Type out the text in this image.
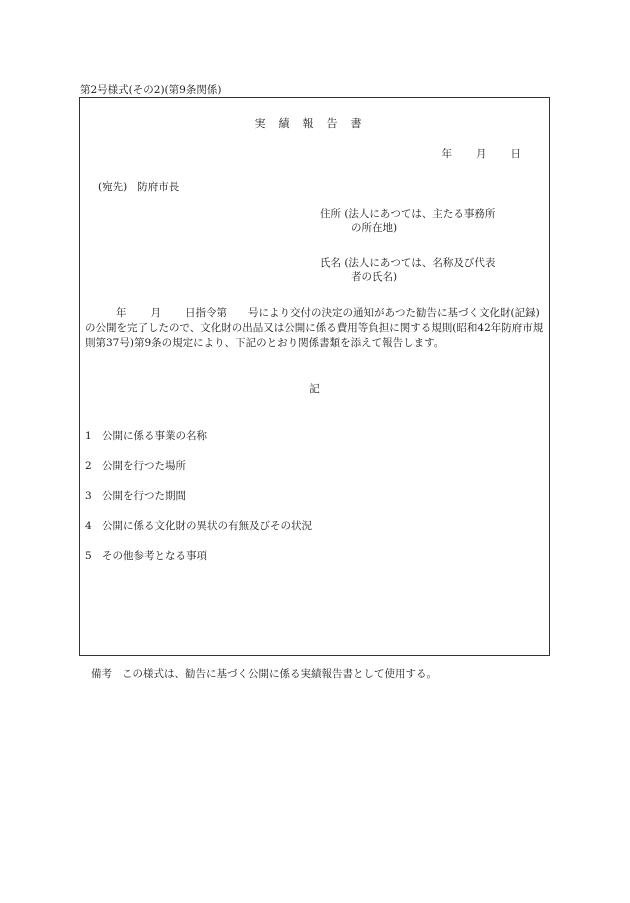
第2号様式(その2)(第9条関係)
実績報告書
年 月 日
(宛先) 防府市長
住所 (法人にあつては、主たる事務所
の所在地)
氏名 (法人にあつては、名称及び代表
者の氏名)
年 月 日指令第　　号により交付の決定の通知があつた勧告に基づく文化財(記録)の公開を完了したので、文化財の出品又は公開に係る費用等負担に関する規則(昭和42年防府市規則第37号)第9条の規定により、下記のとおり関係書類を添えて報告します。
記
1 公開に係る事業の名称
2 公開を行つた場所
3 公開を行つた期間
4 公開に係る文化財の異状の有無及びその状況
5 その他参考となる事項
備考 この様式は、勧告に基づく公開に係る実績報告書として使用する。
